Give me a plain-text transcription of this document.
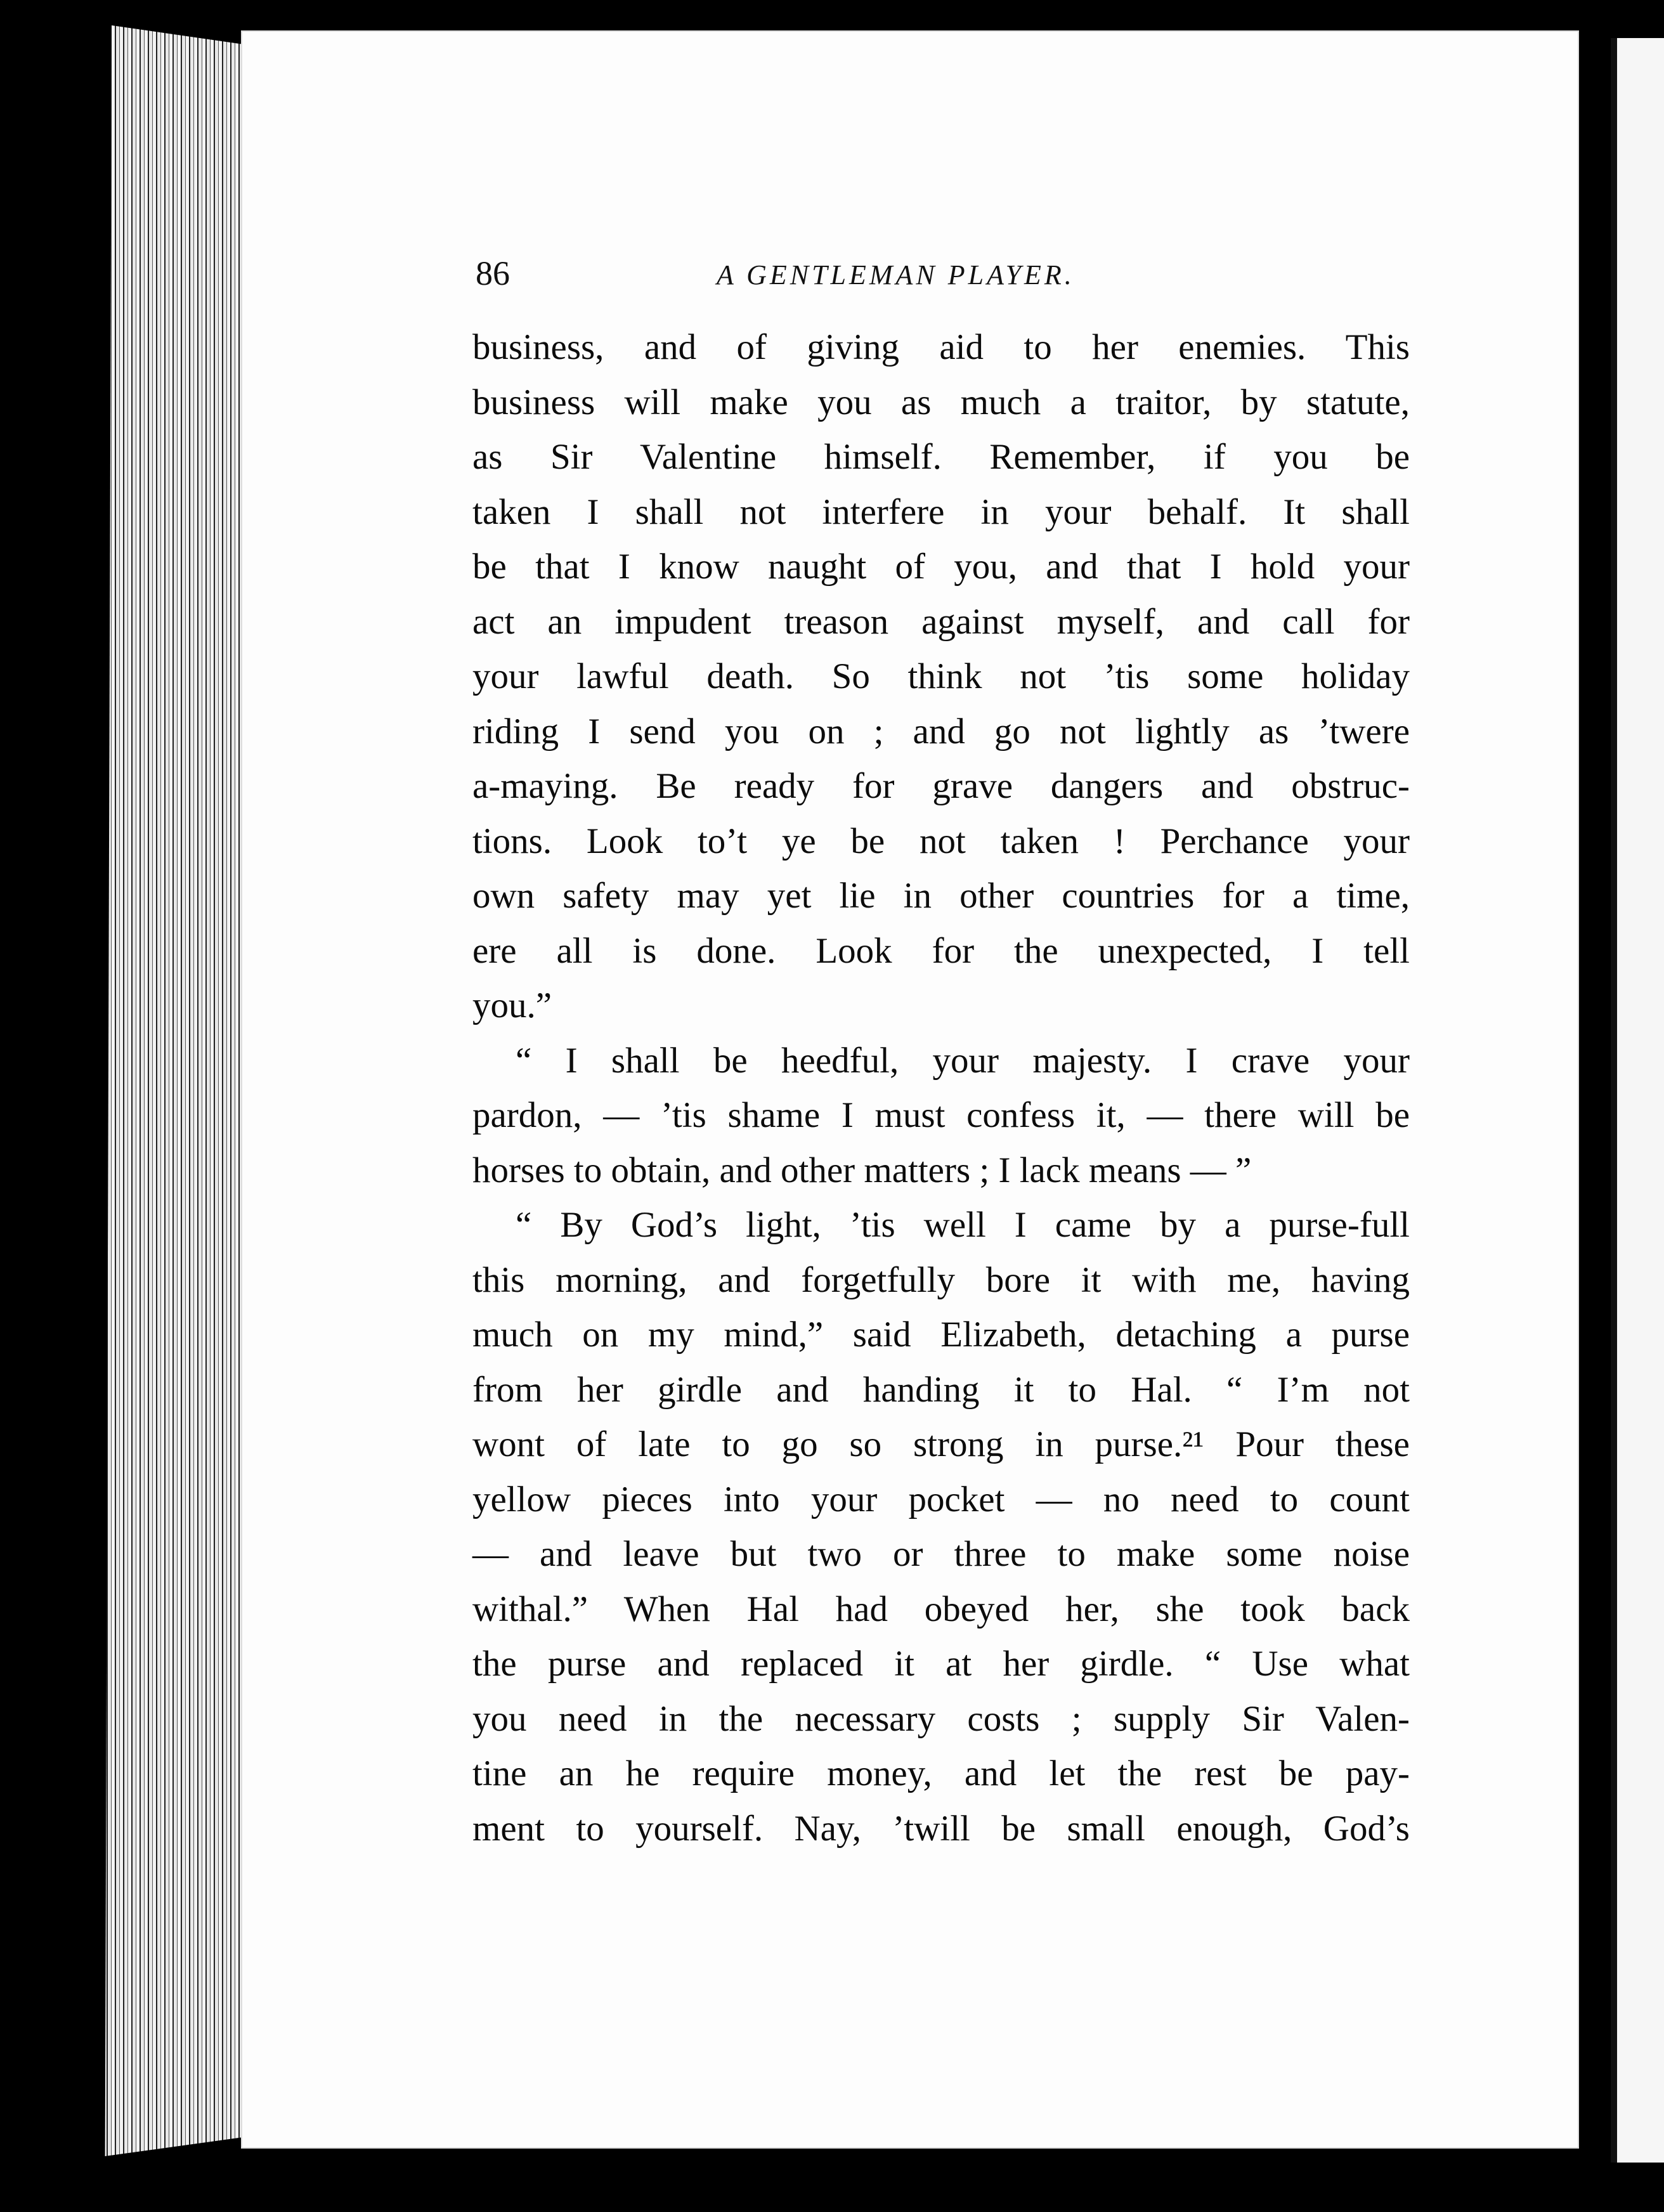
86	A GENTLEMAN PLAYER.
business, and of giving aid to her enemies. This
business will make you as much a traitor, by statute,
as Sir Valentine himself. Remember, if you be
taken I shall not interfere in your behalf. It shall
be that I know naught of you, and that I hold your
act an impudent treason against myself, and call for
your lawful death. So think not ’tis some holiday
riding I send you on ; and go not lightly as ’twere
a-maying. Be ready for grave dangers and obstruc-
tions. Look to’t ye be not taken ! Perchance your
own safety may yet lie in other countries for a time,
ere all is done. Look for the unexpected, I tell
you.”
“ I shall be heedful, your majesty. I crave your
pardon, — ’tis shame I must confess it, — there will be
horses to obtain, and other matters ; I lack means — ”
“ By God’s light, ’tis well I came by a purse-full
this morning, and forgetfully bore it with me, having
much on my mind,” said Elizabeth, detaching a purse
from her girdle and handing it to Hal. “ I’m not
wont of late to go so strong in purse.²¹ Pour these
yellow pieces into your pocket — no need to count
— and leave but two or three to make some noise
withal.” When Hal had obeyed her, she took back
the purse and replaced it at her girdle. “ Use what
you need in the necessary costs ; supply Sir Valen-
tine an he require money, and let the rest be pay-
ment to yourself. Nay, ’twill be small enough, God’s
